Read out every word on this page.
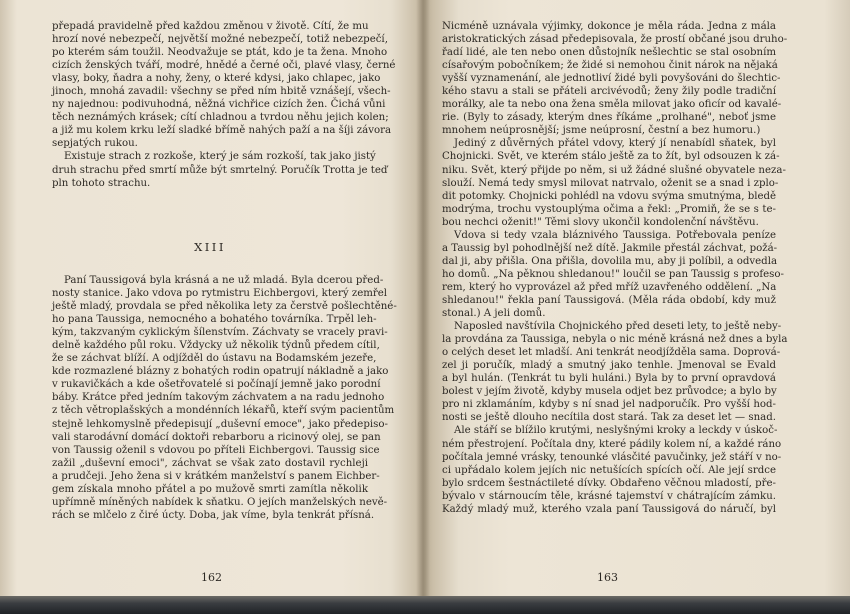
přepadá pravidelně před každou změnou v životě. Cítí, že mu
hrozí nové nebezpečí, největší možné nebezpečí, totiž nebezpečí,
po kterém sám toužil. Neodvažuje se ptát, kdo je ta žena. Mnoho
cizích ženských tváří, modré, hnědé a černé oči, plavé vlasy, černé
vlasy, boky, ňadra a nohy, ženy, o které kdysi, jako chlapec, jako
jinoch, mnohá zavadil: všechny se před ním hbitě vznášejí, všech-
ny najednou: podivuhodná, něžná vichřice cizích žen. Čichá vůni
těch neznámých krásek; cítí chladnou a tvrdou něhu jejich kolen;
a již mu kolem krku leží sladké břímě nahých paží a na šíji závora
sepjatých rukou.
Existuje strach z rozkoše, který je sám rozkoší, tak jako jistý
druh strachu před smrtí může být smrtelný. Poručík Trotta je teď
pln tohoto strachu.
XIII
Paní Taussigová byla krásná a ne už mladá. Byla dcerou před-
nosty stanice. Jako vdova po rytmistru Eichbergovi, který zemřel
ještě mladý, provdala se před několika lety za čerstvě pošlechtěné-
ho pana Taussiga, nemocného a bohatého továrníka. Trpěl leh-
kým, takzvaným cyklickým šílenstvím. Záchvaty se vracely pravi-
delně každého půl roku. Vždycky už několik týdnů předem cítil,
že se záchvat blíží. A odjížděl do ústavu na Bodamském jezeře,
kde rozmazlené blázny z bohatých rodin opatrují nákladně a jako
v rukavičkách a kde ošetřovatelé si počínají jemně jako porodní
báby. Krátce před jedním takovým záchvatem a na radu jednoho
z těch větroplašských a mondénních lékařů, kteří svým pacientům
stejně lehkomyslně předepisují „duševní emoce", jako předepiso-
vali starodávní domácí doktoři rebarboru a ricinový olej, se pan
von Taussig oženil s vdovou po příteli Eichbergovi. Taussig sice
zažil „duševní emoci", záchvat se však zato dostavil rychleji
a prudčeji. Jeho žena si v krátkém manželství s panem Eichber-
gem získala mnoho přátel a po mužově smrti zamítla několik
upřímně míněných nabídek k sňatku. O jejích manželských nevě-
rách se mlčelo z čiré úcty. Doba, jak víme, byla tenkrát přísná.
162
Nicméně uznávala výjimky, dokonce je měla ráda. Jedna z mála
aristokratických zásad předepisovala, že prostí občané jsou druho-
řadí lidé, ale ten nebo onen důstojník nešlechtic se stal osobním
císařovým pobočníkem; že židé si nemohou činit nárok na nějaká
vyšší vyznamenání, ale jednotliví židé byli povyšováni do šlechtic-
kého stavu a stali se přáteli arcivévodů; ženy žily podle tradiční
morálky, ale ta nebo ona žena směla milovat jako oficír od kavalé-
rie. (Byly to zásady, kterým dnes říkáme „prolhané", neboť jsme
mnohem neúprosnější; jsme neúprosní, čestní a bez humoru.)
Jediný z důvěrných přátel vdovy, který jí nenabídl sňatek, byl
Chojnicki. Svět, ve kterém stálo ještě za to žít, byl odsouzen k zá-
niku. Svět, který přijde po něm, si už žádné slušné obyvatele neza-
slouží. Nemá tedy smysl milovat natrvalo, oženit se a snad i zplo-
dit potomky. Chojnicki pohlédl na vdovu svýma smutnýma, bledě
modrýma, trochu vystouplýma očima a řekl: „Promiň, že se s te-
bou nechci oženit!" Těmi slovy ukončil kondolenční návštěvu.
Vdova si tedy vzala bláznivého Taussiga. Potřebovala peníze
a Taussig byl pohodlnější než dítě. Jakmile přestál záchvat, požá-
dal ji, aby přišla. Ona přišla, dovolila mu, aby ji políbil, a odvedla
ho domů. „Na pěknou shledanou!" loučil se pan Taussig s profeso-
rem, který ho vyprovázel až před mříž uzavřeného oddělení. „Na
shledanou!" řekla paní Taussigová. (Měla ráda období, kdy muž
stonal.) A jeli domů.
Naposled navštívila Chojnického před deseti lety, to ještě neby-
la provdána za Taussiga, nebyla o nic méně krásná než dnes a byla
o celých deset let mladší. Ani tenkrát neodjížděla sama. Doprová-
zel ji poručík, mladý a smutný jako tenhle. Jmenoval se Evald
a byl hulán. (Tenkrát tu byli huláni.) Byla by to první opravdová
bolest v jejím životě, kdyby musela odjet bez průvodce; a bylo by
pro ni zklamáním, kdyby s ní snad jel nadporučík. Pro vyšší hod-
nosti se ještě dlouho necítila dost stará. Tak za deset let — snad.
Ale stáří se blížilo krutými, neslyšnými kroky a leckdy v úskoč-
ném přestrojení. Počítala dny, které pádily kolem ní, a každé ráno
počítala jemné vrásky, tenounké vlásčité pavučinky, jež stáří v no-
ci upřádalo kolem jejích nic netušících spících očí. Ale její srdce
bylo srdcem šestnáctileté dívky. Obdařeno věčnou mladostí, pře-
bývalo v stárnoucím těle, krásné tajemství v chátrajícím zámku.
Každý mladý muž, kterého vzala paní Taussigová do náručí, byl
163
